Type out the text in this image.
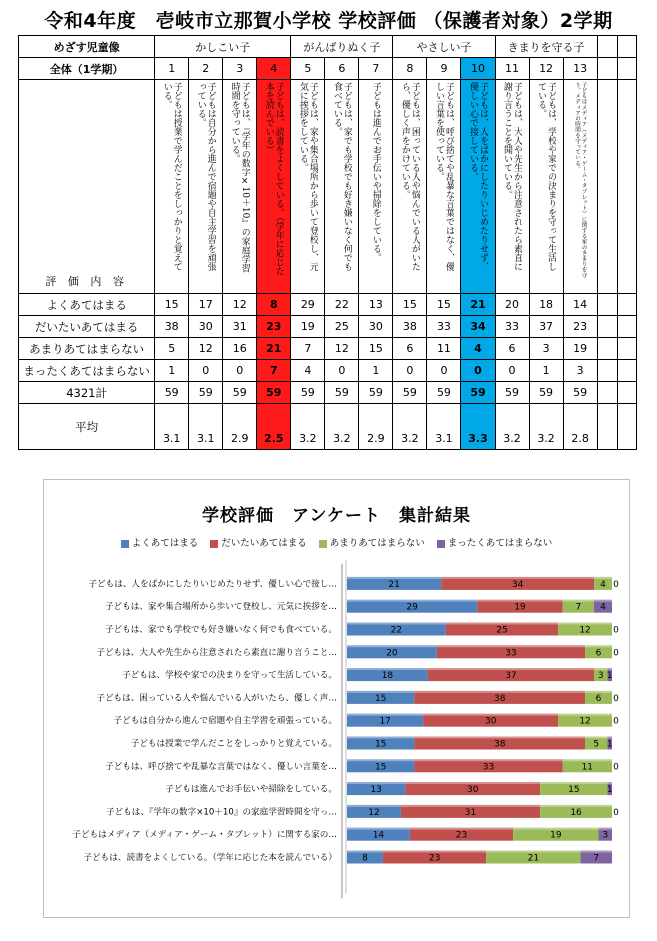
令和4年度　壱岐市立那賀小学校 学校評価 （保護者対象）2学期
めざす児童像	かしこい子				がんばりぬく子			やさしい子			きまりを守る子				
全体（1学期）	1	2	3	4	5	6	7	8	9	10	11	12	13		

評 価 内 容	子どもは授業で学んだことをしっかりと覚えている。	子どもは自分から進んで宿題や自主学習を頑張っている。	子どもは、『学年の数字×10＋10』の家庭学習時間を守っている。	子どもは、読書をよくしている。（学年に応じた本を読んでいる）	子どもは、家や集合場所から歩いて登校し、元気に挨拶をしている。	子どもは、家でも学校でも好き嫌いなく何でも食べている。	子どもは進んでお手伝いや掃除をしている。	子どもは、困っている人や悩んでいる人がいたら、優しく声をかけている。	子どもは、呼び捨てや乱暴な言葉ではなく、優しい言葉を使っている。	子どもは、人をばかにしたりいじめたりせず、優しい心で接している。	子どもは、大人や先生から注意されたら素直に謝り言うことを聞いている。	子どもは、学校や家での決まりを守って生活している。	子どもはメディア（メディア・ゲーム・タブレット）に関する家のきまりを守り、メディアの時間を守っている。		

よくあてはまる	15	17	12	8	29	22	13	15	15	21	20	18	14		
だいたいあてはまる	38	30	31	23	19	25	30	38	33	34	33	37	23		
あまりあてはまらない	5	12	16	21	7	12	15	6	11	4	6	3	19		
まったくあてはまらない	1	0	0	7	4	0	1	0	0	0	0	1	3		
4321計	59	59	59	59	59	59	59	59	59	59	59	59	59		
平均	3.1	3.1	2.9	2.5	3.2	3.2	2.9	3.2	3.1	3.3	3.2	3.2	2.8		
学校評価　アンケート　集計結果
よくあてはまる だいたいあてはまる あまりあてはまらない まったくあてはまらない
子どもは、人をばかにしたりいじめたりせず、優しい心で接し…	21	34	4 0
子どもは、家や集合場所から歩いて登校し、元気に挨拶を…	29	19	7 4
子どもは、家でも学校でも好き嫌いなく何でも食べている。	22	25	12 0
子どもは、大人や先生から注意されたら素直に謝り言うこと…	20	33	6 0
子どもは、学校や家での決まりを守って生活している。	18	37	3 1
子どもは、困っている人や悩んでいる人がいたら、優しく声…	15	38	6 0
子どもは自分から進んで宿題や自主学習を頑張っている。	17	30	12 0
子どもは授業で学んだことをしっかりと覚えている。	15	38	5 1
子どもは、呼び捨てや乱暴な言葉ではなく、優しい言葉を…	15	33	11 0
子どもは進んでお手伝いや掃除をしている。	13	30	15	1
子どもは、『学年の数字×10＋10』の家庭学習時間を守っ…	12	31	16	0
子どもはメディア（メディア・ゲーム・タブレット）に関する家の…	14	23	19	3
子どもは、読書をよくしている。（学年に応じた本を読んでいる）	8	23	21	7
